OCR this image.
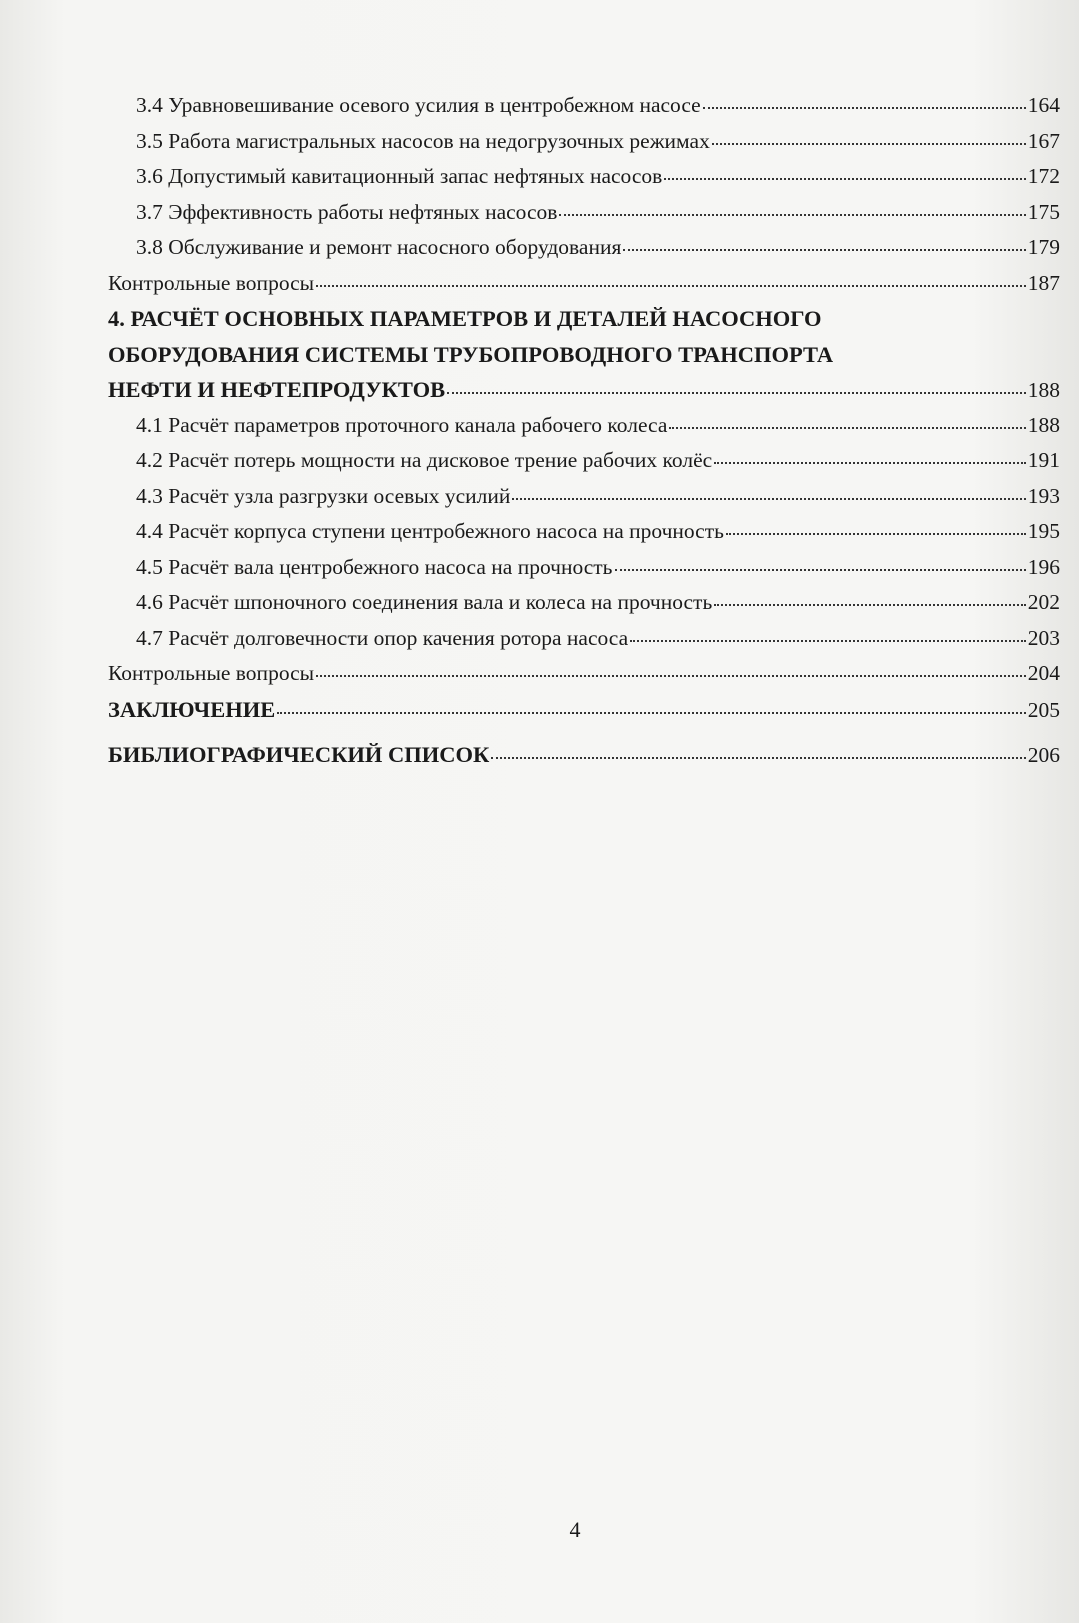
3.4 Уравновешивание осевого усилия в центробежном насосе	164
3.5 Работа магистральных насосов на недогрузочных режимах	167
3.6 Допустимый кавитационный запас нефтяных насосов	172
3.7 Эффективность работы нефтяных насосов	175
3.8 Обслуживание и ремонт насосного оборудования	179
Контрольные вопросы	187
4. РАСЧЁТ ОСНОВНЫХ ПАРАМЕТРОВ И ДЕТАЛЕЙ НАСОСНОГО
ОБОРУДОВАНИЯ СИСТЕМЫ ТРУБОПРОВОДНОГО ТРАНСПОРТА
НЕФТИ И НЕФТЕПРОДУКТОВ	188
4.1 Расчёт параметров проточного канала рабочего колеса	188
4.2 Расчёт потерь мощности на дисковое трение рабочих колёс	191
4.3 Расчёт узла разгрузки осевых усилий	193
4.4 Расчёт корпуса ступени центробежного насоса на прочность	195
4.5 Расчёт вала центробежного насоса на прочность	196
4.6 Расчёт шпоночного соединения вала и колеса на прочность	202
4.7 Расчёт долговечности опор качения ротора насоса	203
Контрольные вопросы	204
ЗАКЛЮЧЕНИЕ	205
БИБЛИОГРАФИЧЕСКИЙ СПИСОК	206
4
